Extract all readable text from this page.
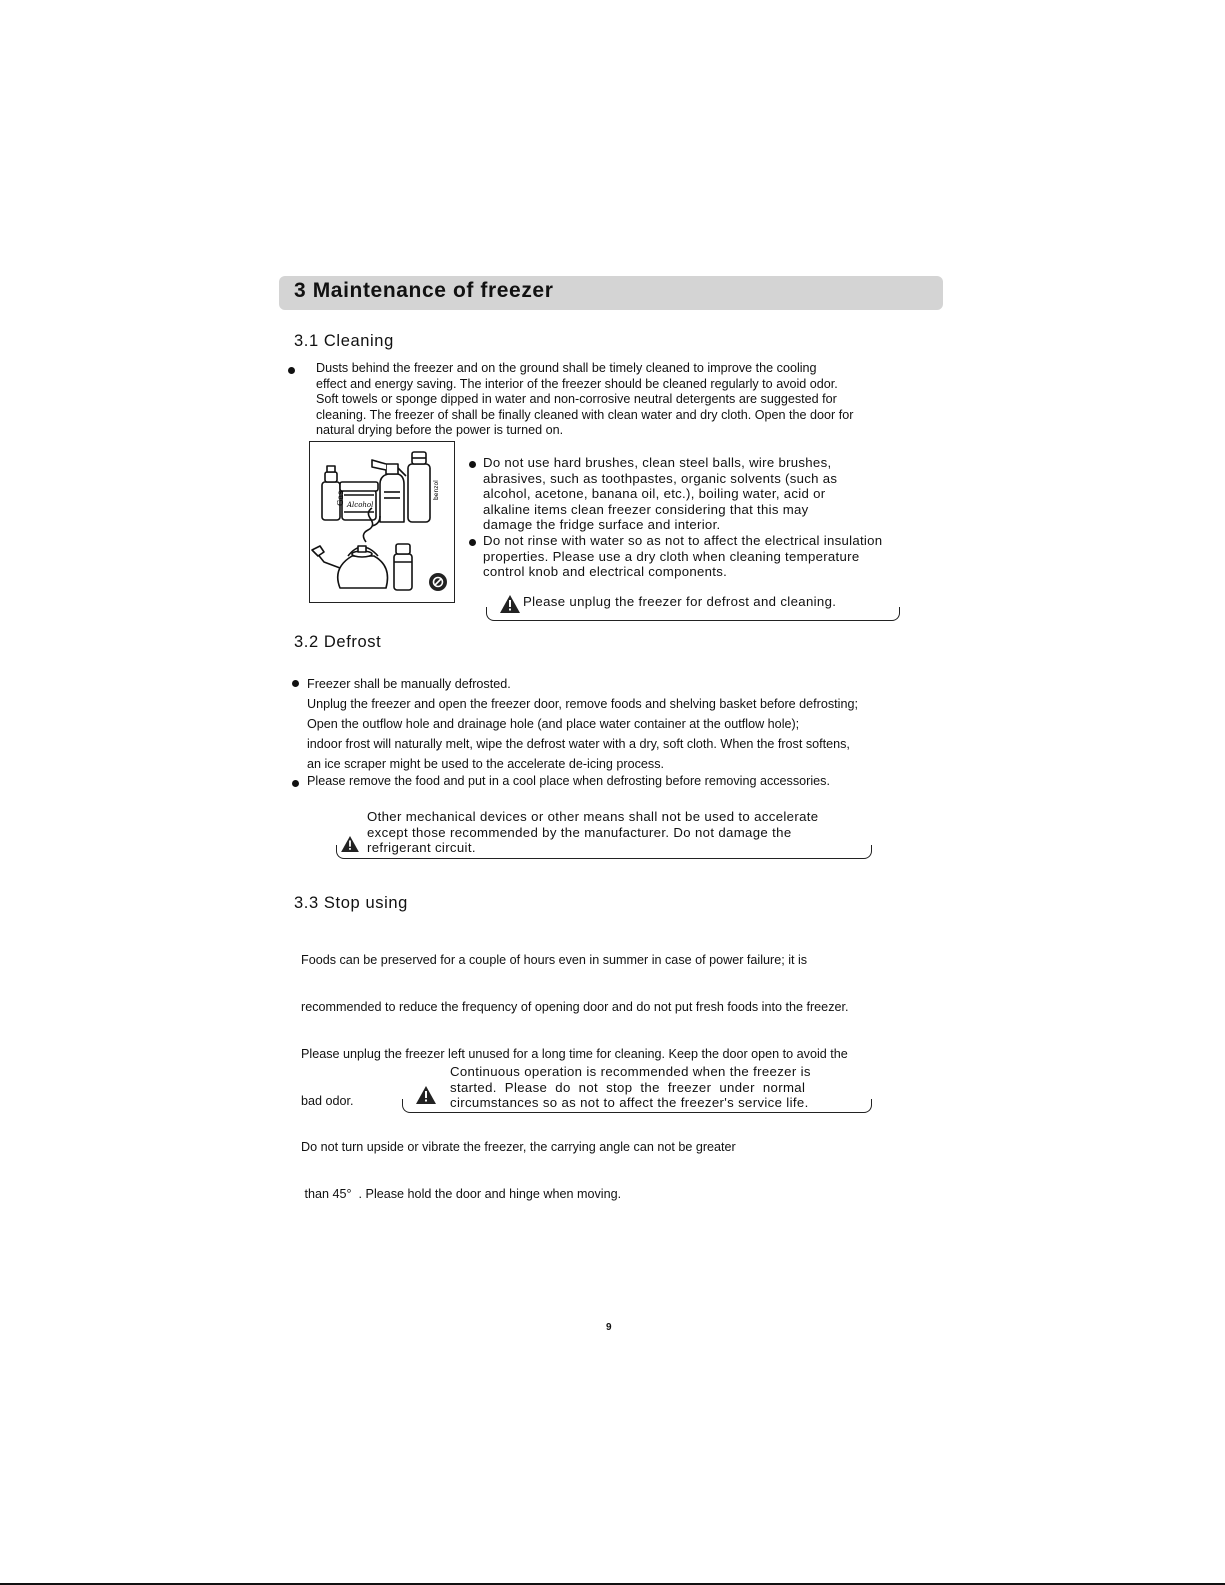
3 Maintenance of freezer
3.1 Cleaning

Dusts behind the freezer and on the ground shall be timely cleaned to improve the cooling

effect and energy saving. The interior of the freezer should be cleaned regularly to avoid odor.

Soft towels or sponge dipped in water and non-corrosive neutral detergents are suggested for

cleaning. The freezer of shall be finally cleaned with clean water and dry cloth. Open the door for

natural drying before the power is turned on.

Gas Alcohol
benzol

Do not use hard brushes, clean steel balls, wire brushes,

abrasives, such as toothpastes, organic solvents (such as

alcohol, acetone, banana oil, etc.), boiling water, acid or

alkaline items clean freezer considering that this may

damage the fridge surface and interior.

Do not rinse with water so as not to affect the electrical insulation

properties. Please use a dry cloth when cleaning temperature

control knob and electrical components.

Please unplug the freezer for defrost and cleaning.
3.2 Defrost

Freezer shall be manually defrosted.

Unplug the freezer and open the freezer door, remove foods and shelving basket before defrosting;

Open the outflow hole and drainage hole (and place water container at the outflow hole);

indoor frost will naturally melt, wipe the defrost water with a dry, soft cloth. When the frost softens,

an ice scraper might be used to the accelerate de-icing process.

Please remove the food and put in a cool place when defrosting before removing accessories.
Other mechanical devices or other means shall not be used to accelerate
except those recommended by the manufacturer. Do not damage the
refrigerant circuit.
3.3 Stop using

Foods can be preserved for a couple of hours even in summer in case of power failure; it is

recommended to reduce the frequency of opening door and do not put fresh foods into the freezer.

Please unplug the freezer left unused for a long time for cleaning. Keep the door open to avoid the

bad odor.

Do not turn upside or vibrate the freezer, the carrying angle can not be greater

than 45°  . Please hold the door and hinge when moving.

Continuous operation is recommended when the freezer is
started.  Please  do  not  stop  the  freezer  under  normal
circumstances so as not to affect the freezer's service life.
9
